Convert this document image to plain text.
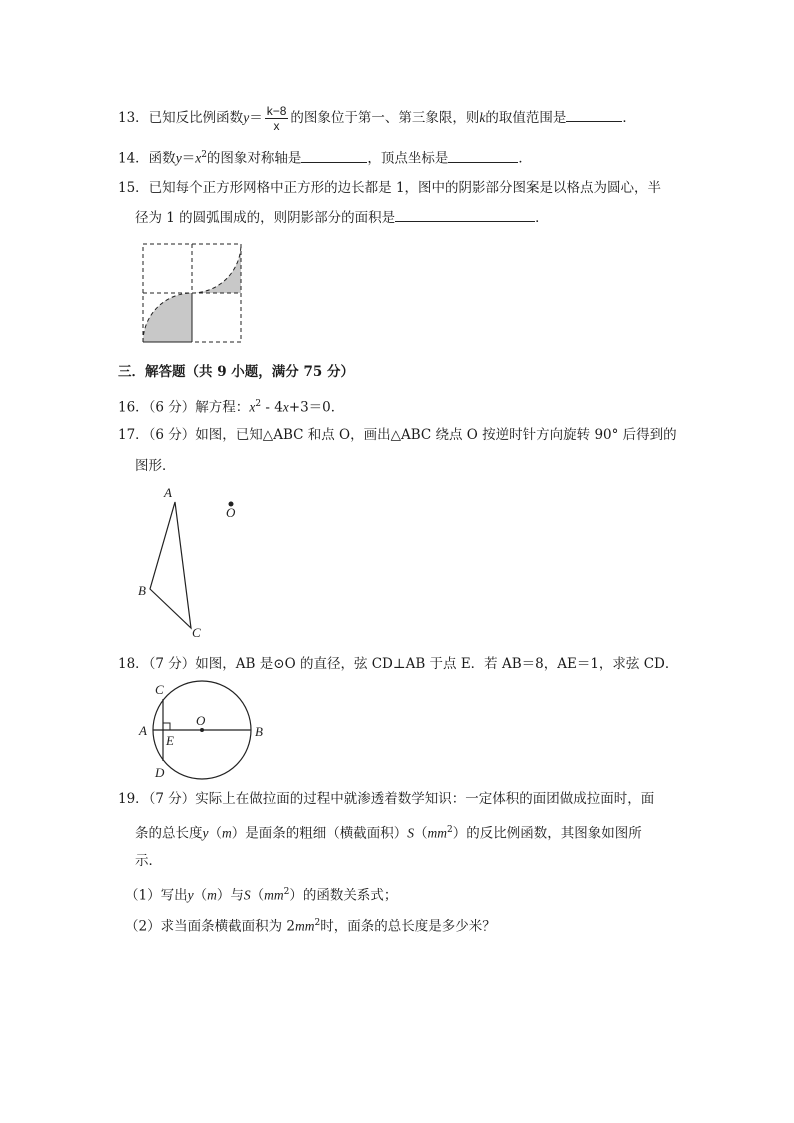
13．已知反比例函数$y= \frac{k-8}{x}$ 的图象位于第一、第三象限，则k的取值范围是	．
14．函数$y=x^2$的图象对称轴是	，顶点坐标是	．
15．已知每个正方形网格中正方形的边长都是 1，图中的阴影部分图案是以格点为圆心，半
径为 1 的圆弧围成的，则阴影部分的面积是	．
三．解答题（共 9 小题，满分 75 分）
16．（6 分）解方程：$x^2 - 4x+3=0$．
17．（6 分）如图，已知△ABC 和点 O，画出△ABC 绕点 O 按逆时针方向旋转 90° 后得到的
图形．
A
B
C
O
18．（7 分）如图，AB 是⊙O 的直径，弦 CD⊥AB 于点 E．若 AB＝8，AE＝1，求弦 CD．
A	B
C
D
E
O
19．（7 分）实际上在做拉面的过程中就渗透着数学知识：一定体积的面团做成拉面时，面
条的总长度y（m）是面条的粗细（横截面积）$S(mm^2)$的反比例函数，其图象如图所
示．
（1）写出y（m）与$S(mm^2)$的函数关系式；
（2）求当面条横截面积为 $2mm^2$时，面条的总长度是多少米？
